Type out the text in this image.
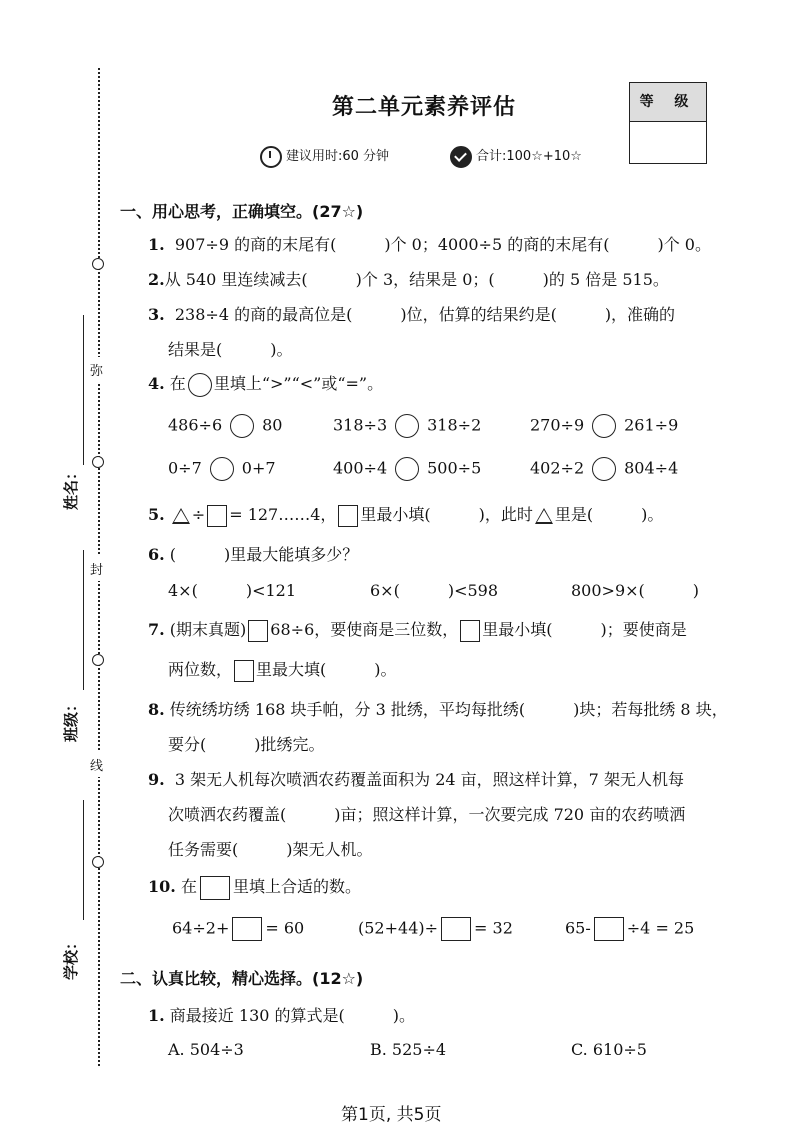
弥
封
线
姓名：
班级：
学校：
第二单元素养评估
建议用时:60 分钟	合计:100☆+10☆
等 级
一、用心思考，正确填空。(27☆)
1. 907÷9 的商的末尾有(　　　)个 0；4000÷5 的商的末尾有(　　　)个 0。
2.从 540 里连续减去(　　　)个 3，结果是 0；(　　　)的 5 倍是 515。
3. 238÷4 的商的最高位是(　　　)位，估算的结果约是(　　　)，准确的
结果是(　　　)。
4. 在 里填上“>”“<”或“=”。
486÷6	80	318÷3	318÷2	270÷9	261÷9
0÷7	0+7	400÷4	500÷5	402÷2	804÷4
5. ÷ = 127……4， 里最小填(　　　)，此时 里是(　　　)。
6. (　　　)里最大能填多少？
4×(　　　)<121	6×(　　　)<598	800>9×(　　　)
7. (期末真题) 68÷6，要使商是三位数， 里最小填(　　　)；要使商是
两位数， 里最大填(　　　)。
8. 传统绣坊绣 168 块手帕，分 3 批绣，平均每批绣(　　　)块；若每批绣 8 块，
要分(　　　)批绣完。
9. 3 架无人机每次喷洒农药覆盖面积为 24 亩，照这样计算，7 架无人机每
次喷洒农药覆盖(　　　)亩；照这样计算，一次要完成 720 亩的农药喷洒
任务需要(　　　)架无人机。
10. 在 里填上合适的数。
64÷2+ = 60	(52+44)÷ = 32	65- ÷4 = 25
二、认真比较，精心选择。(12☆)
1. 商最接近 130 的算式是(　　　)。
A. 504÷3	B. 525÷4	C. 610÷5
第1页, 共5页
